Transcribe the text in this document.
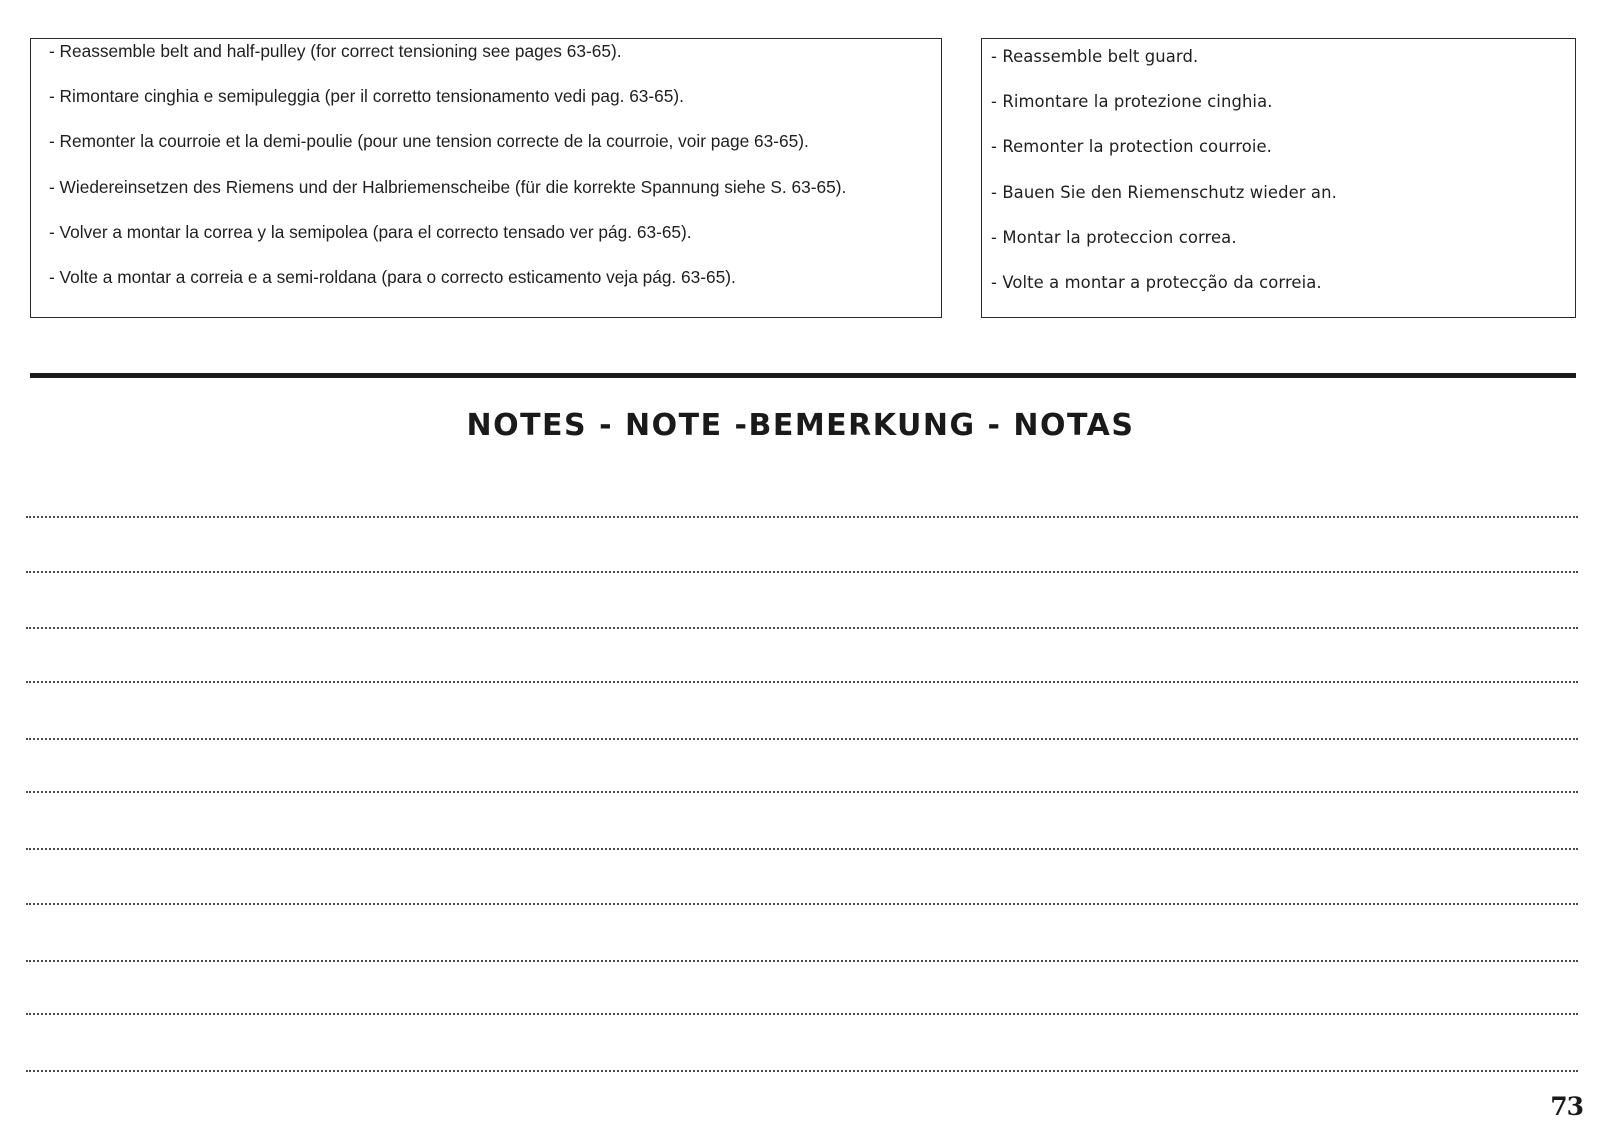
- Reassemble belt and half-pulley (for correct tensioning see pages 63-65).
- Rimontare cinghia e semipuleggia (per il corretto tensionamento vedi pag. 63-65).
- Remonter la courroie et la demi-poulie (pour une tension correcte de la courroie, voir page 63-65).
- Wiedereinsetzen des Riemens und der Halbriemenscheibe (für die korrekte Spannung siehe S. 63-65).
- Volver a montar la correa y la semipolea (para el correcto tensado ver pág. 63-65).
- Volte a montar a correia e a semi-roldana (para o correcto esticamento veja pág. 63-65).
- Reassemble belt guard.
- Rimontare la protezione cinghia.
- Remonter la protection courroie.
- Bauen Sie den Riemenschutz wieder an.
- Montar la proteccion correa.
- Volte a montar a protecção da correia.
NOTES - NOTE -BEMERKUNG - NOTAS
73
